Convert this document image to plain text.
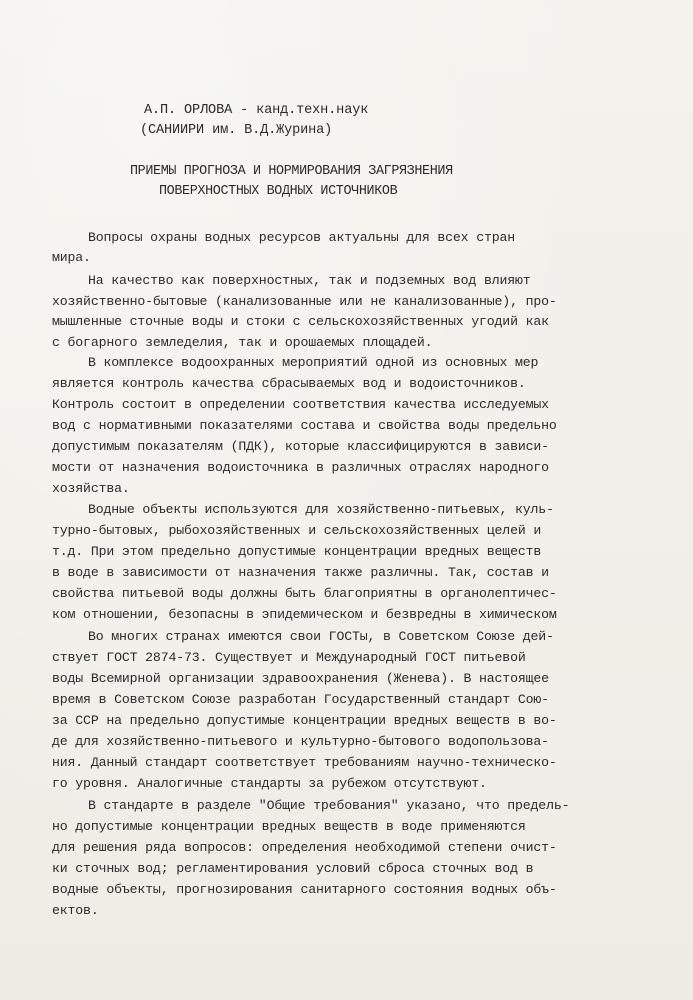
А.П. ОРЛОВА - канд.техн.наук
(САНИИРИ им. В.Д.Журина)
ПРИЕМЫ ПРОГНОЗА И НОРМИРОВАНИЯ ЗАГРЯЗНЕНИЯ
ПОВЕРХНОСТНЫХ ВОДНЫХ ИСТОЧНИКОВ
Вопросы охраны водных ресурсов актуальны для всех стран
мира.
На качество как поверхностных, так и подземных вод влияют
хозяйственно-бытовые (канализованные или не канализованные), про-
мышленные сточные воды и стоки с сельскохозяйственных угодий как
с богарного земледелия, так и орошаемых площадей.
В комплексе водоохранных мероприятий одной из основных мер
является контроль качества сбрасываемых вод и водоисточников.
Контроль состоит в определении соответствия качества исследуемых
вод с нормативными показателями состава и свойства воды предельно
допустимым показателям (ПДК), которые классифицируются в зависи-
мости от назначения водоисточника в различных отраслях народного
хозяйства.
Водные объекты используются для хозяйственно-питьевых, куль-
турно-бытовых, рыбохозяйственных и сельскохозяйственных целей и
т.д. При этом предельно допустимые концентрации вредных веществ
в воде в зависимости от назначения также различны. Так, состав и
свойства питьевой воды должны быть благоприятны в органолептичес-
ком отношении, безопасны в эпидемическом и безвредны в химическом
Во многих странах имеются свои ГОСТы, в Советском Союзе дей-
ствует ГОСТ 2874-73. Существует и Международный ГОСТ питьевой
воды Всемирной организации здравоохранения (Женева). В настоящее
время в Советском Союзе разработан Государственный стандарт Сою-
за ССР на предельно допустимые концентрации вредных веществ в во-
де для хозяйственно-питьевого и культурно-бытового водопользова-
ния. Данный стандарт соответствует требованиям научно-техническо-
го уровня. Аналогичные стандарты за рубежом отсутствуют.
В стандарте в разделе "Общие требования" указано, что предель-
но допустимые концентрации вредных веществ в воде применяются
для решения ряда вопросов: определения необходимой степени очист-
ки сточных вод; регламентирования условий сброса сточных вод в
водные объекты, прогнозирования санитарного состояния водных объ-
ектов.
